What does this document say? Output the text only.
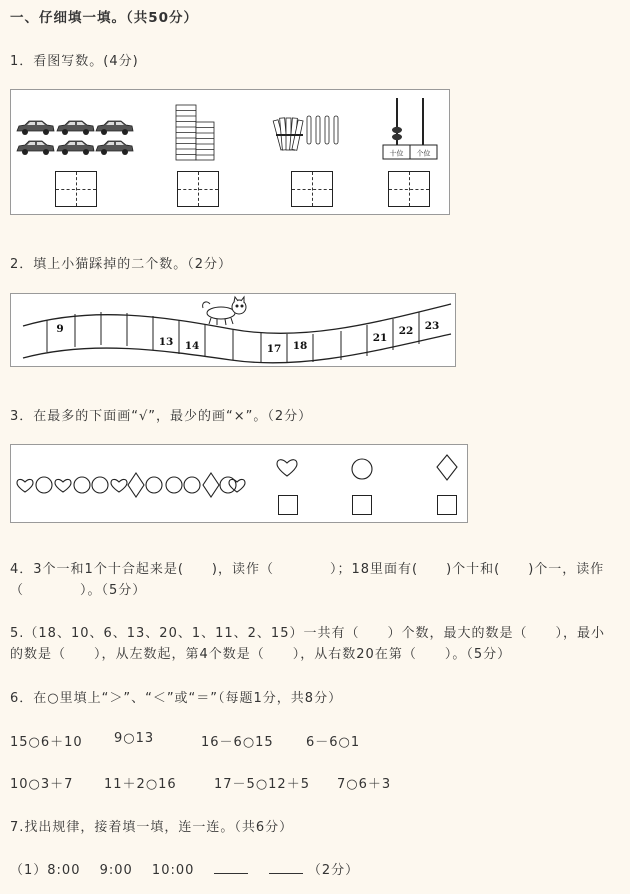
一、仔细填一填。（共50分）
1．看图写数。(4分)
十位 个位
2．填上小猫踩掉的二个数。（2分）
9
13 14	17 18
21
22 23
3．在最多的下面画“√”，最少的画“×”。（2分）
4．3个一和1个十合起来是(　　)，读作（　　　　）；18里面有(　　)个十和(　　)个一，读作（　　　　）。（5分）
5.（18、10、6、13、20、1、11、2、15）一共有（　　）个数，最大的数是（　　），最小的数是（　　），从左数起，第4个数是（　　），从右数20在第（　　）。（5分）
6．在○里填上“＞”、“＜”或“＝”（每题1分，共8分）
15○6＋10 9○13	16－6○15 6－6○1
10○3＋7 11＋2○16	17－5○12＋5 7○6＋3
7.找出规律，接着填一填，连一连。（共6分）
（1）8:00　 9:00　 10:00	（2分）
